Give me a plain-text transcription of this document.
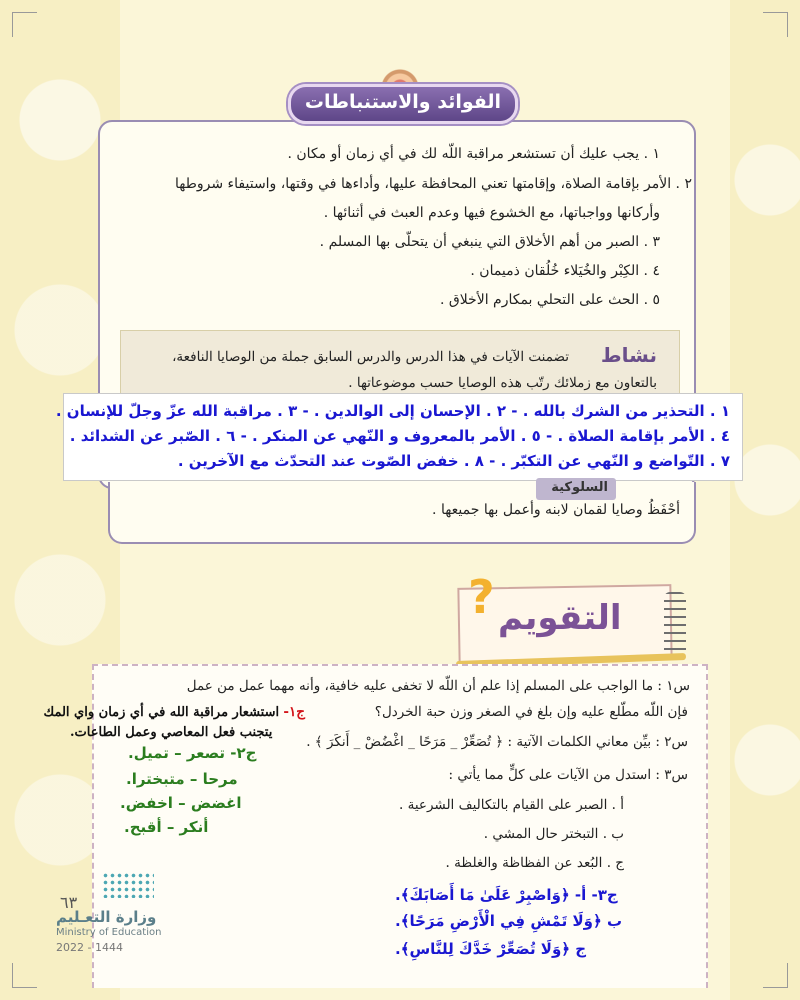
الفوائد والاستنباطات
١ . يجب عليك أن تستشعر مراقبة اللّه لك في أي زمان أو مكان .
٢ . الأمر بإقامة الصلاة، وإقامتها تعني المحافظة عليها، وأداءها في وقتها، واستيفاء شروطها
وأركانها وواجباتها، مع الخشوع فيها وعدم العبث في أثنائها .
٣ . الصبر من أهم الأخلاق التي ينبغي أن يتحلّى بها المسلم .
٤ . الكِبْر والخُيَلاء خُلُقان ذميمان .
٥ . الحث على التحلي بمكارم الأخلاق .
نشاط
تضمنت الآيات في هذا الدرس والدرس السابق جملة من الوصايا النافعة،
بالتعاون مع زملائك رتّب هذه الوصايا حسب موضوعاتها .
١ . التحذير من الشرك بالله . - ٢ . الإحسان إلى الوالدين . - ٣ . مراقبة الله عزّ وجلّ للإنسان .
٤ . الأمر بإقامة الصلاة . - ٥ . الأمر بالمعروف و النّهي عن المنكر . - ٦ . الصّبر عن الشدائد .
٧ . التّواضع و النّهي عن التكبّر . - ٨ . خفض الصّوت عند التحدّث مع الآخرين .
السلوكية
أحْفَظُ وصايا لقمان لابنه وأعمل بها جميعها .
? التقويم
س١ : ما الواجب على المسلم إذا علم أن اللّه لا تخفى عليه خافية، وأنه مهما عمل من عمل
فإن اللّه مطّلع عليه وإن بلغ في الصغر وزن حبة الخردل؟
ج١- استشعار مراقبة الله في أي زمان واي المك
يتجنب فعل المعاصي وعمل الطاعات.
س٢ : بيِّن معاني الكلمات الآتية : ﴿ تُصَعِّرْ _ مَرَحًا _ اغْضُضْ _ أَنكَرَ ﴾ .
ج٢- تصعر – تميل.
مرحا – متبخترا.
اغضض – اخفض.
أنكر – أقبح.
س٣ : استدل من الآيات على كلٍّ مما يأتي :
أ . الصبر على القيام بالتكاليف الشرعية .
ب . التبختر حال المشي .
ج . البُعد عن الفظاظة والغلظة .
ج٣- أ- ﴿وَاصْبِرْ عَلَىٰ مَا أَصَابَكَ﴾.
ب ﴿وَلَا تَمْشِ فِي الْأَرْضِ مَرَحًا﴾.
ج ﴿وَلَا تُصَعِّرْ خَدَّكَ لِلنَّاسِ﴾.
٦٣
وزارة التعـليم
Ministry of Education
2022 - 1444
